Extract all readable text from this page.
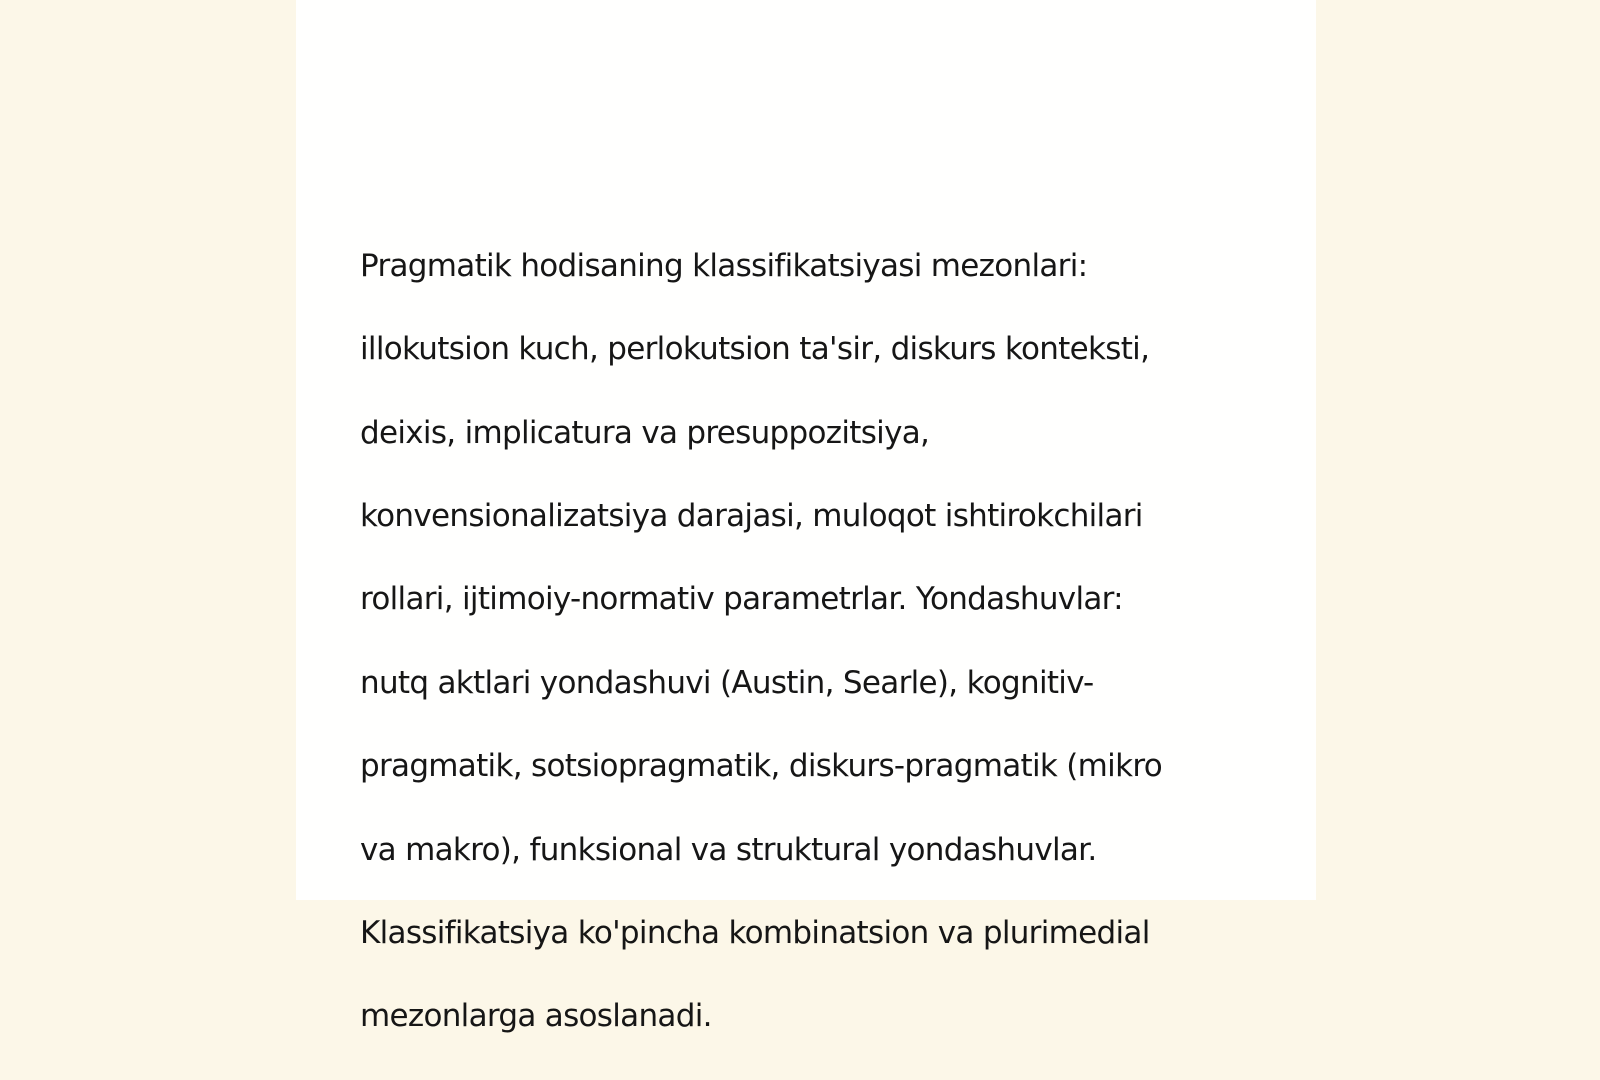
Pragmatik hodisaning klassifikatsiyasi mezonlari:

illokutsion kuch, perlokutsion ta'sir, diskurs konteksti,

deixis, implicatura va presuppozitsiya,

konvensionalizatsiya darajasi, muloqot ishtirokchilari

rollari, ijtimoiy-normativ parametrlar. Yondashuvlar:

nutq aktlari yondashuvi (Austin, Searle), kognitiv-

pragmatik, sotsiopragmatik, diskurs-pragmatik (mikro

va makro), funksional va struktural yondashuvlar.

Klassifikatsiya ko'pincha kombinatsion va plurimedial

mezonlarga asoslanadi.
